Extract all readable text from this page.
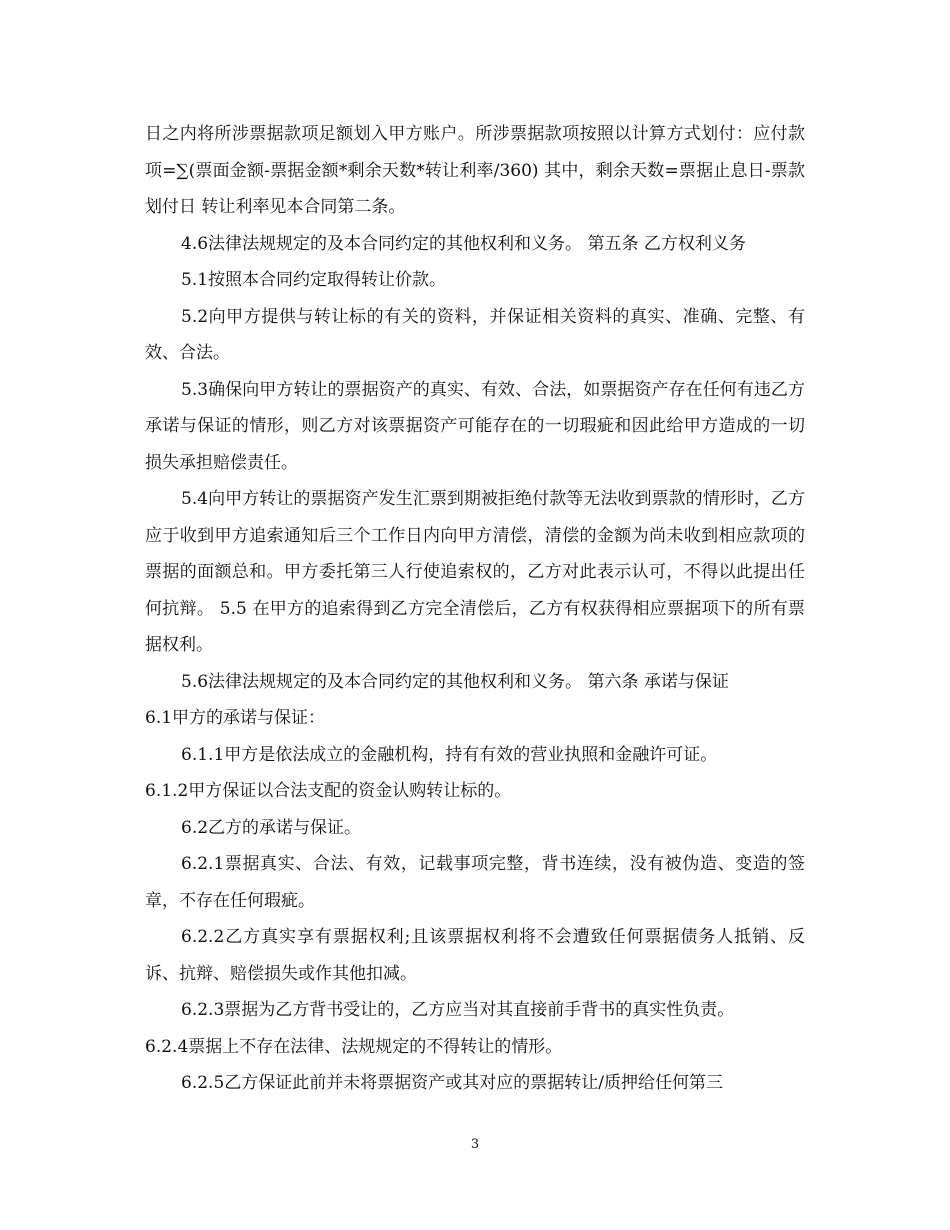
日之内将所涉票据款项足额划入甲方账户。所涉票据款项按照以计算方式划付：应付款项=∑(票面金额-票据金额*剩余天数*转让利率/360) 其中，剩余天数=票据止息日-票款划付日 转让利率见本合同第二条。

4.6法律法规规定的及本合同约定的其他权利和义务。 第五条 乙方权利义务

5.1按照本合同约定取得转让价款。

5.2向甲方提供与转让标的有关的资料，并保证相关资料的真实、准确、完整、有效、合法。

5.3确保向甲方转让的票据资产的真实、有效、合法，如票据资产存在任何有违乙方承诺与保证的情形，则乙方对该票据资产可能存在的一切瑕疵和因此给甲方造成的一切损失承担赔偿责任。

5.4向甲方转让的票据资产发生汇票到期被拒绝付款等无法收到票款的情形时，乙方应于收到甲方追索通知后三个工作日内向甲方清偿，清偿的金额为尚未收到相应款项的票据的面额总和。甲方委托第三人行使追索权的，乙方对此表示认可，不得以此提出任何抗辩。 5.5 在甲方的追索得到乙方完全清偿后，乙方有权获得相应票据项下的所有票据权利。

5.6法律法规规定的及本合同约定的其他权利和义务。 第六条 承诺与保证

6.1甲方的承诺与保证：

6.1.1甲方是依法成立的金融机构，持有有效的营业执照和金融许可证。

6.1.2甲方保证以合法支配的资金认购转让标的。

6.2乙方的承诺与保证。

6.2.1票据真实、合法、有效，记载事项完整，背书连续，没有被伪造、变造的签章，不存在任何瑕疵。

6.2.2乙方真实享有票据权利;且该票据权利将不会遭致任何票据债务人抵销、反诉、抗辩、赔偿损失或作其他扣减。

6.2.3票据为乙方背书受让的，乙方应当对其直接前手背书的真实性负责。

6.2.4票据上不存在法律、法规规定的不得转让的情形。

6.2.5乙方保证此前并未将票据资产或其对应的票据转让/质押给任何第三

3
